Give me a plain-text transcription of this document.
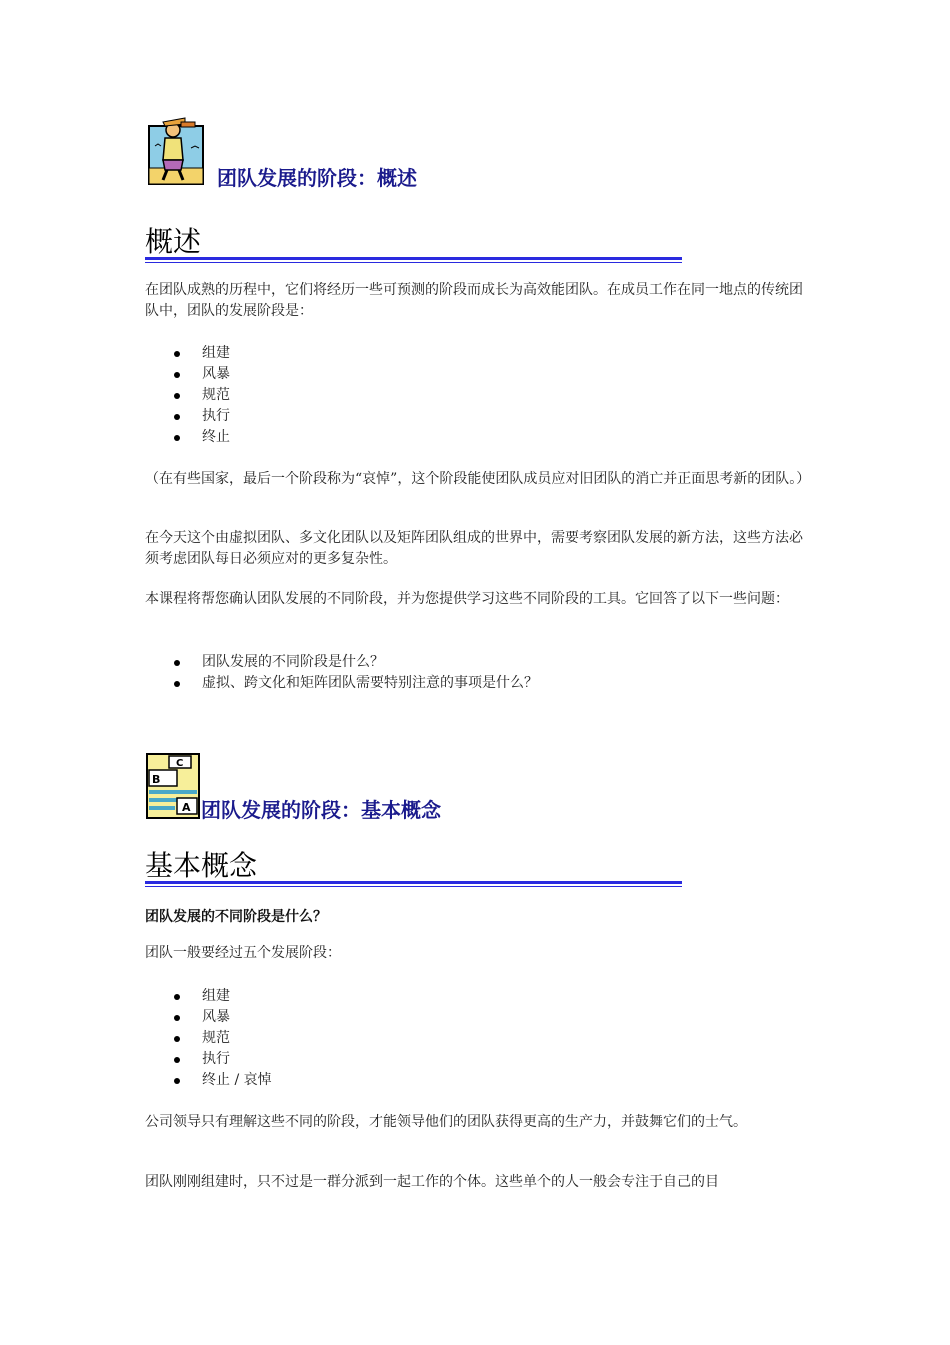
团队发展的阶段：概述
概述
在团队成熟的历程中，它们将经历一些可预测的阶段而成长为高效能团队。在成员工作在同一地点的传统团队中，团队的发展阶段是：
组建
风暴
规范
执行
终止
（在有些国家，最后一个阶段称为“哀悼”，这个阶段能使团队成员应对旧团队的消亡并正面思考新的团队。）
在今天这个由虚拟团队、多文化团队以及矩阵团队组成的世界中，需要考察团队发展的新方法，这些方法必须考虑团队每日必须应对的更多复杂性。
本课程将帮您确认团队发展的不同阶段，并为您提供学习这些不同阶段的工具。它回答了以下一些问题：
团队发展的不同阶段是什么？
虚拟、跨文化和矩阵团队需要特别注意的事项是什么？
C
B
A 团队发展的阶段：基本概念
基本概念
团队发展的不同阶段是什么？
团队一般要经过五个发展阶段：
组建
风暴
规范
执行
终止 / 哀悼
公司领导只有理解这些不同的阶段，才能领导他们的团队获得更高的生产力，并鼓舞它们的士气。
团队刚刚组建时，只不过是一群分派到一起工作的个体。这些单个的人一般会专注于自己的目
